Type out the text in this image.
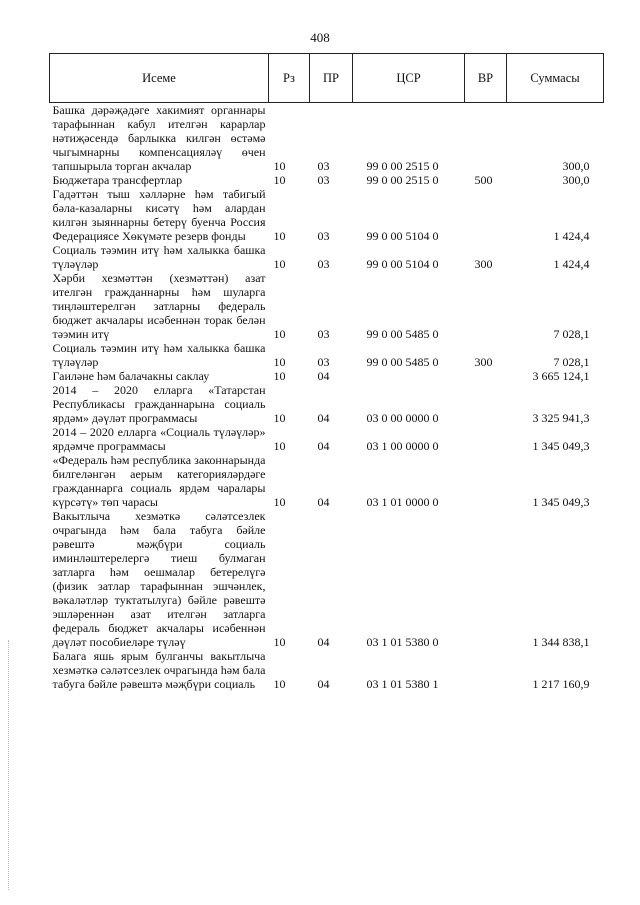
408
Исеме	Рз	ПР	ЦСР	ВР	Суммасы
Башка дәрәҗәдәге хакимият органнары тарафыннан кабул ителгән карарлар нәтиҗәсендә барлыкка килгән өстәмә чыгымнарны компенсацияләү өчен тапшырыла торган акчалар	10	03	99 0 00 2515 0		300,0
Бюджетара трансфертлар	10	03	99 0 00 2515 0	500	300,0
Гадәттән тыш хәлләрне һәм табигый бәла-казаларны кисәтү һәм алардан килгән зыяннарны бетерү буенча Россия Федерациясе Хөкүмәте резерв фонды	10	03	99 0 00 5104 0		1 424,4
Социаль тәэмин итү һәм халыкка башка түләүләр	10	03	99 0 00 5104 0	300	1 424,4
Хәрби хезмәттән (хезмәттән) азат ителгән гражданнарны һәм шуларга тиңләштерелгән затларны федераль бюджет акчалары исәбеннән торак белән тәэмин итү	10	03	99 0 00 5485 0		7 028,1
Социаль тәэмин итү һәм халыкка башка түләүләр	10	03	99 0 00 5485 0	300	7 028,1
Гаиләне һәм балачакны саклау	10	04			3 665 124,1
2014 – 2020 елларга «Татарстан Республикасы гражданнарына социаль ярдәм» дәүләт программасы	10	04	03 0 00 0000 0		3 325 941,3
2014 – 2020 елларга «Социаль түләүләр» ярдәмче программасы	10	04	03 1 00 0000 0		1 345 049,3
«Федераль һәм республика законнарында билгеләнгән аерым категорияләрдәге гражданнарга социаль ярдәм чаралары күрсәтү» төп чарасы	10	04	03 1 01 0000 0		1 345 049,3
Вакытлыча хезмәткә сәләтсезлек очрагында һәм бала табуга бәйле рәвештә мәҗбүри социаль иминләштерелергә тиеш булмаган затларга һәм оешмалар бетерелүгә (физик затлар тарафыннан эшчәнлек, вәкаләтләр туктатылуга) бәйле рәвештә эшләреннән азат ителгән затларга федераль бюджет акчалары исәбеннән дәүләт пособиеләре түләү	10	04	03 1 01 5380 0		1 344 838,1
Балага яшь ярым булганчы вакытлыча хезмәткә сәләтсезлек очрагында һәм бала табуга бәйле рәвештә мәҗбүри социаль	10	04	03 1 01 5380 1		1 217 160,9
